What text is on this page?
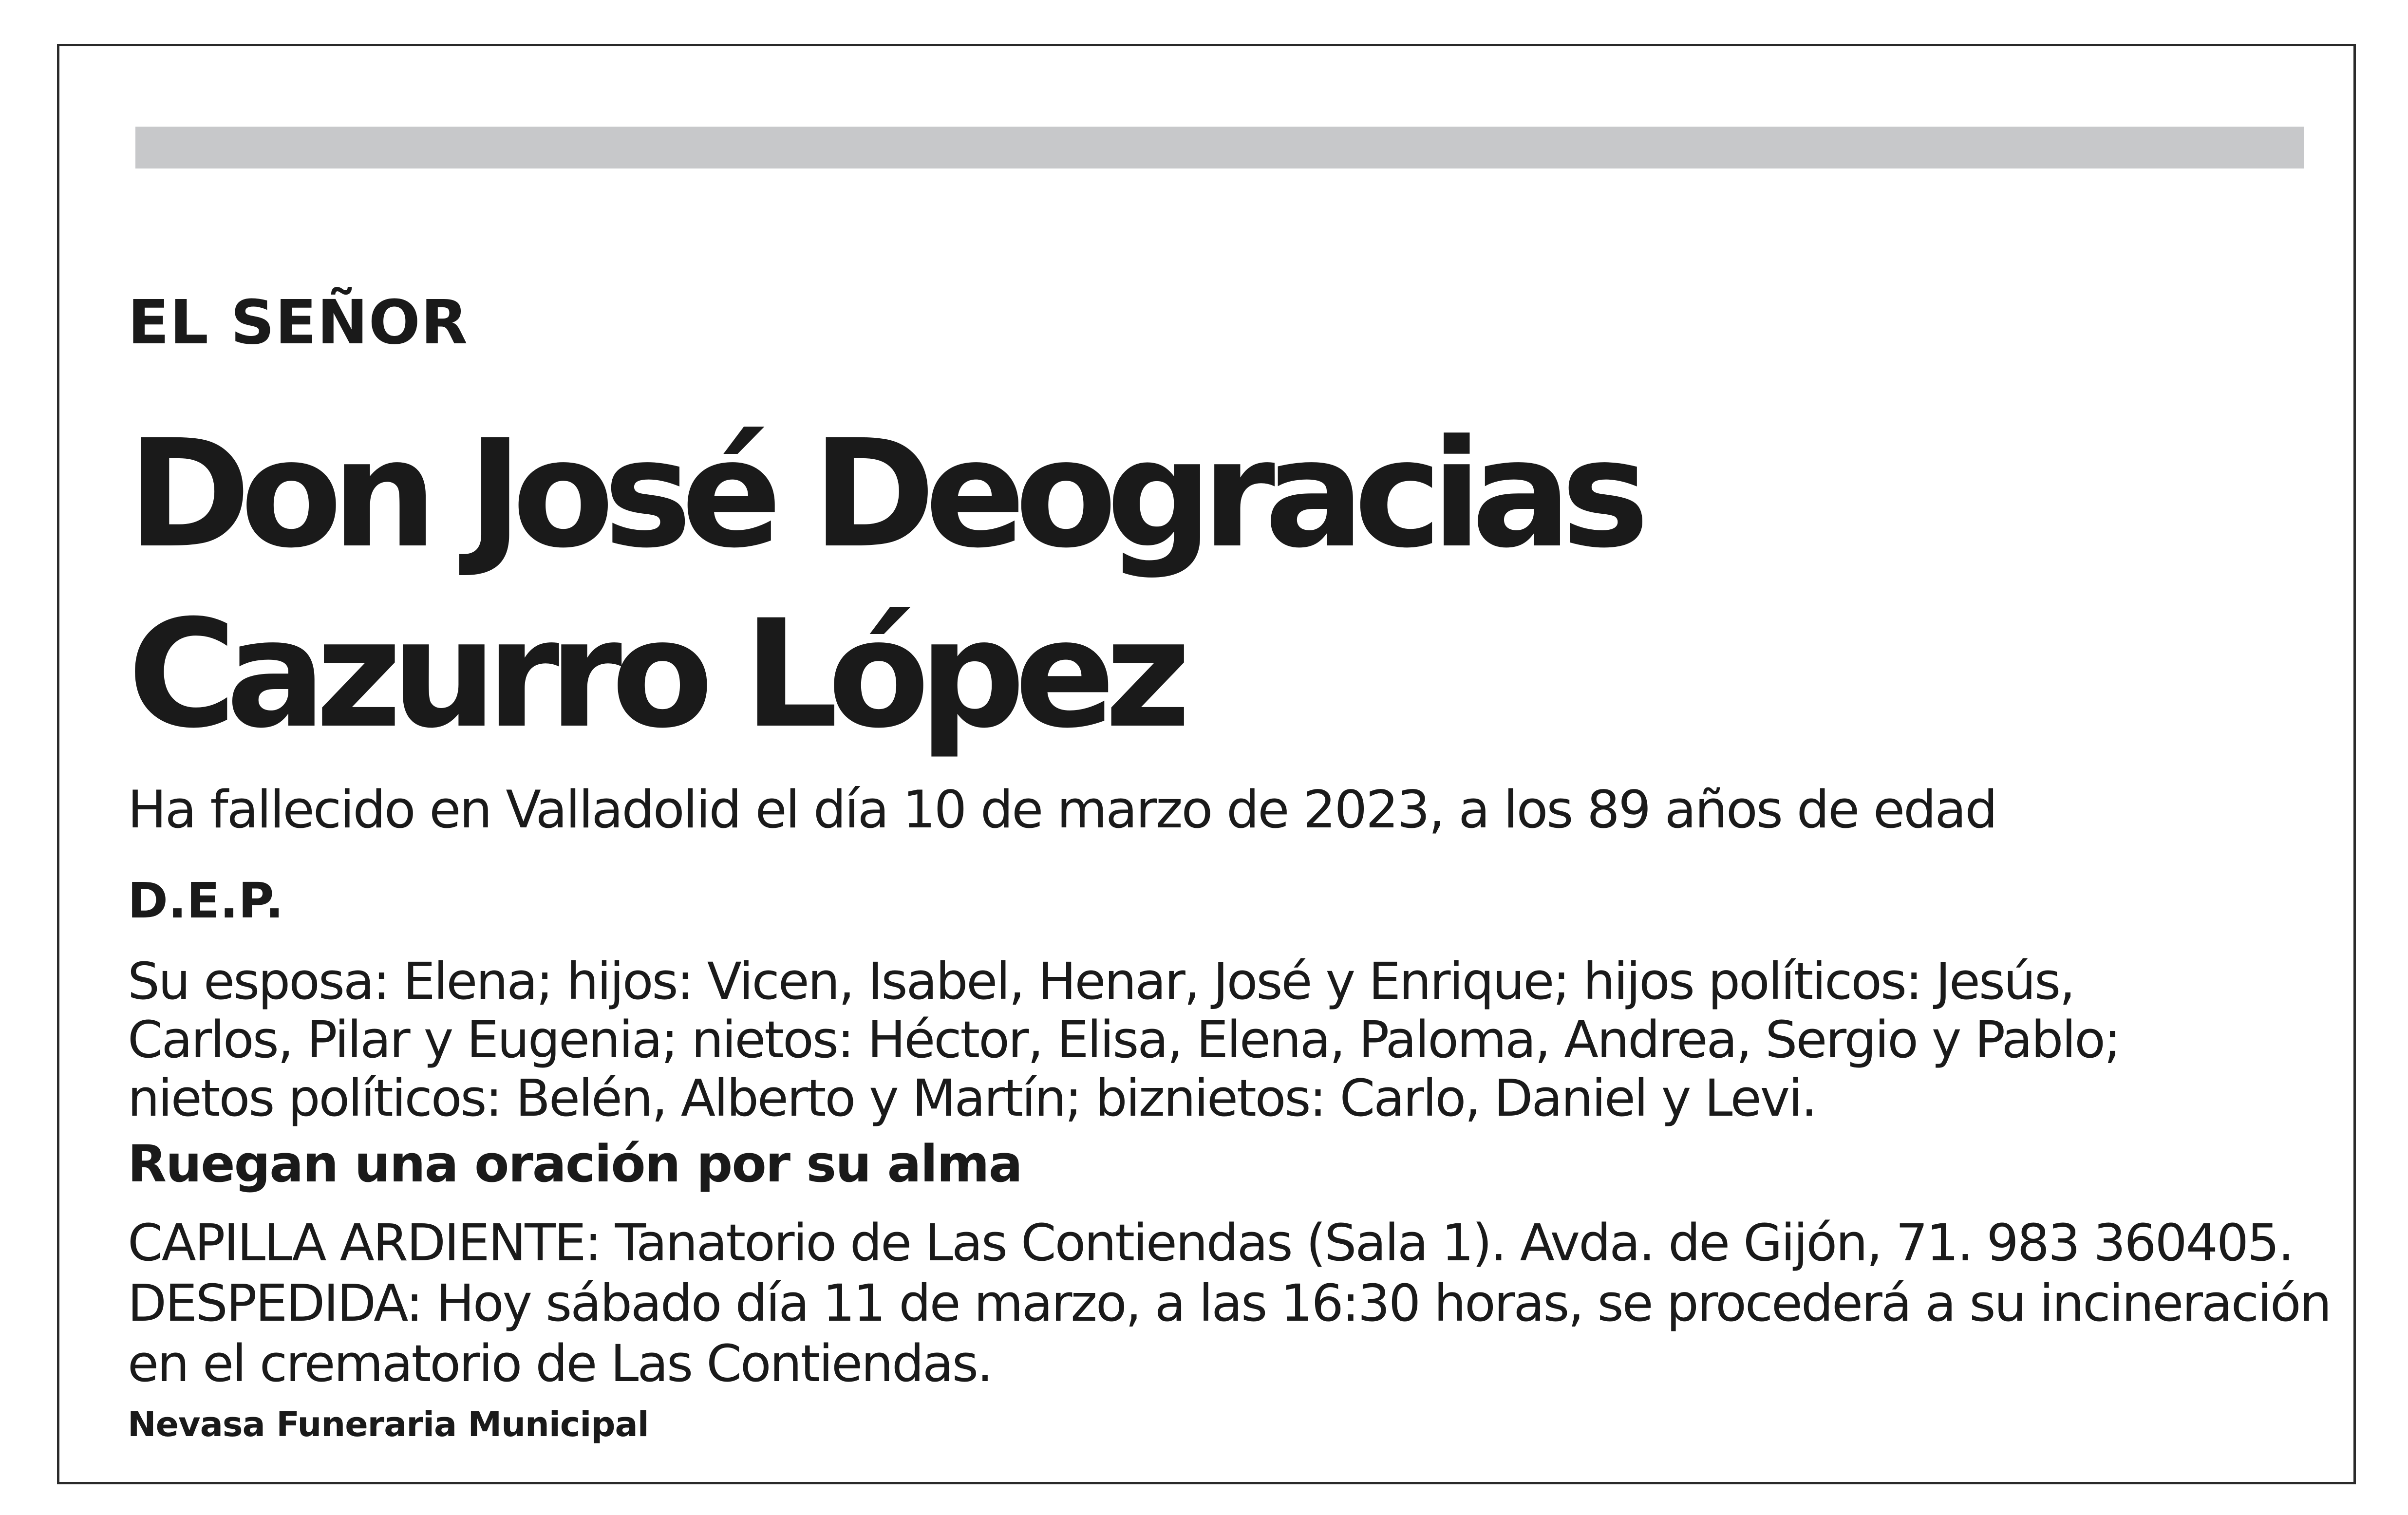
EL SEÑOR

Don José Deogracias
Cazurro López
Ha fallecido en Valladolid el día 10 de marzo de 2023, a los 89 años de edad
D.E.P.
Su esposa: Elena; hijos: Vicen, Isabel, Henar, José y Enrique; hijos políticos: Jesús,
Carlos, Pilar y Eugenia; nietos: Héctor, Elisa, Elena, Paloma, Andrea, Sergio y Pablo;
nietos políticos: Belén, Alberto y Martín; biznietos: Carlo, Daniel y Levi.
Ruegan una oración por su alma
CAPILLA ARDIENTE: Tanatorio de Las Contiendas (Sala 1). Avda. de Gijón, 71. 983 360405.
DESPEDIDA: Hoy sábado día 11 de marzo, a las 16:30 horas, se procederá a su incineración
en el crematorio de Las Contiendas.
Nevasa Funeraria Municipal
